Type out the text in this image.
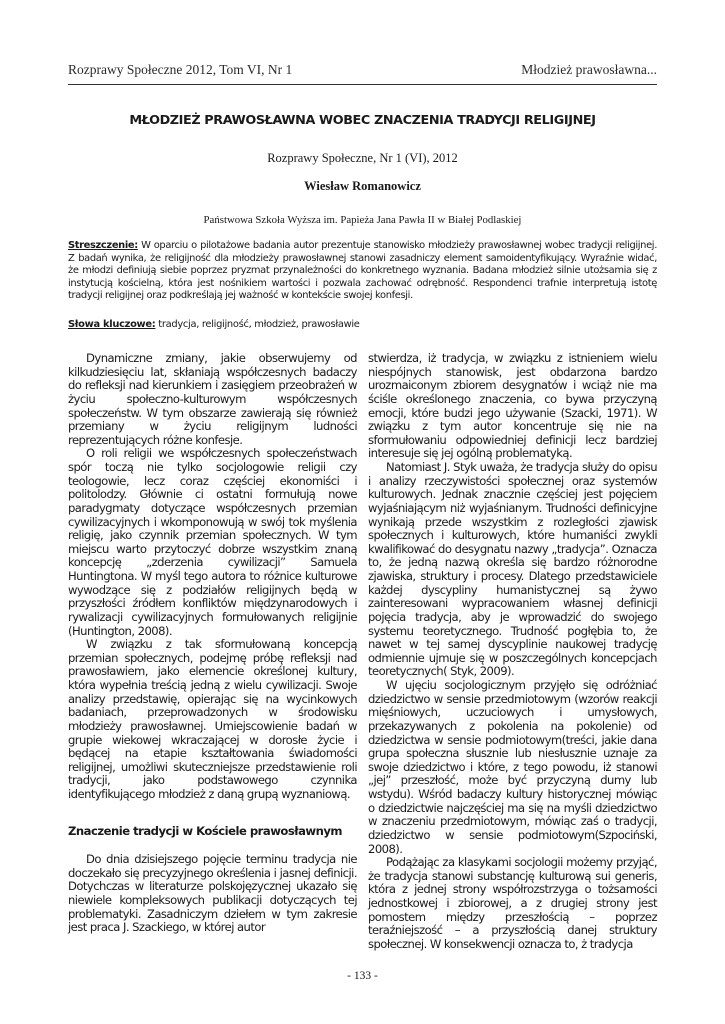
Rozprawy Społeczne 2012, Tom VI, Nr 1	Młodzież prawosławna...
MŁODZIEŻ PRAWOSŁAWNA WOBEC ZNACZENIA TRADYCJI RELIGIJNEJ
Rozprawy Społeczne, Nr 1 (VI), 2012
Wiesław Romanowicz
Państwowa Szkoła Wyższa im. Papieża Jana Pawła II w Białej Podlaskiej
Streszczenie: W oparciu o pilotażowe badania autor prezentuje stanowisko młodzieży prawosławnej wobec tradycji religijnej. Z badań wynika, że religijność dla młodzieży prawosławnej stanowi zasadniczy element samoidentyfikujący. Wyraźnie widać, że młodzi definiują siebie poprzez pryzmat przynależności do konkretnego wyznania. Badana młodzież silnie utożsamia się z instytucją kościelną, która jest nośnikiem wartości i pozwala zachować odrębność. Respondenci trafnie interpretują istotę tradycji religijnej oraz podkreślają jej ważność w kontekście swojej konfesji.
Słowa kluczowe: tradycja, religijność, młodzież, prawosławie

Dynamiczne zmiany, jakie obserwujemy od kilkudziesięciu lat, skłaniają współczesnych badaczy do refleksji nad kierunkiem i zasięgiem przeobrażeń w życiu społeczno-kulturowym współczesnych społeczeństw. W tym obszarze zawierają się również przemiany w życiu religijnym ludności reprezentujących różne konfesje.

O roli religii we współczesnych społeczeństwach spór toczą nie tylko socjologowie religii czy teologowie, lecz coraz częściej ekonomiści i politolodzy. Głównie ci ostatni formułują nowe paradygmaty dotyczące współczesnych przemian cywilizacyjnych i wkomponowują w swój tok myślenia religię, jako czynnik przemian społecznych. W tym miejscu warto przytoczyć dobrze wszystkim znaną koncepcję „zderzenia cywilizacji” Samuela Huntingtona. W myśl tego autora to różnice kulturowe wywodzące się z podziałów religijnych będą w przyszłości źródłem konfliktów międzynarodowych i rywalizacji cywilizacyjnych formułowanych religijnie (Huntington, 2008).

W związku z tak sformułowaną koncepcją przemian społecznych, podejmę próbę refleksji nad prawosławiem, jako elemencie określonej kultury, która wypełnia treścią jedną z wielu cywilizacji. Swoje analizy przedstawię, opierając się na wycinkowych badaniach, przeprowadzonych w środowisku młodzieży prawosławnej. Umiejscowienie badań w grupie wiekowej wkraczającej w dorosłe życie i będącej na etapie kształtowania świadomości religijnej, umożliwi skuteczniejsze przedstawienie roli tradycji, jako podstawowego czynnika identyfikującego młodzież z daną grupą wyznaniową.

Znaczenie tradycji w Kościele prawosławnym

Do dnia dzisiejszego pojęcie terminu tradycja nie doczekało się precyzyjnego określenia i jasnej definicji. Dotychczas w literaturze polskojęzycznej ukazało się niewiele kompleksowych publikacji dotyczących tej problematyki. Zasadniczym dziełem w tym zakresie jest praca J. Szackiego, w której autor

stwierdza, iż tradycja, w związku z istnieniem wielu niespójnych stanowisk, jest obdarzona bardzo urozmaiconym zbiorem desygnatów i wciąż nie ma ściśle określonego znaczenia, co bywa przyczyną emocji, które budzi jego używanie (Szacki, 1971). W związku z tym autor koncentruje się nie na sformułowaniu odpowiedniej definicji lecz bardziej interesuje się jej ogólną problematyką.

Natomiast J. Styk uważa, że tradycja służy do opisu i analizy rzeczywistości społecznej oraz systemów kulturowych. Jednak znacznie częściej jest pojęciem wyjaśniającym niż wyjaśnianym. Trudności definicyjne wynikają przede wszystkim z rozległości zjawisk społecznych i kulturowych, które humaniści zwykli kwalifikować do desygnatu nazwy „tradycja”. Oznacza to, że jedną nazwą określa się bardzo różnorodne zjawiska, struktury i procesy. Dlatego przedstawiciele każdej dyscypliny humanistycznej są żywo zainteresowani wypracowaniem własnej definicji pojęcia tradycja, aby je wprowadzić do swojego systemu teoretycznego. Trudność pogłębia to, że nawet w tej samej dyscyplinie naukowej tradycję odmiennie ujmuje się w poszczególnych koncepcjach teoretycznych( Styk, 2009).

W ujęciu socjologicznym przyjęło się odróżniać dziedzictwo w sensie przedmiotowym (wzorów reakcji mięśniowych, uczuciowych i umysłowych, przekazywanych z pokolenia na pokolenie) od dziedzictwa w sensie podmiotowym(treści, jakie dana grupa społeczna słusznie lub niesłusznie uznaje za swoje dziedzictwo i które, z tego powodu, iż stanowi „jej” przeszłość, może być przyczyną dumy lub wstydu). Wśród badaczy kultury historycznej mówiąc o dziedzictwie najczęściej ma się na myśli dziedzictwo w znaczeniu przedmiotowym, mówiąc zaś o tradycji, dziedzictwo w sensie podmiotowym(Szpociński, 2008).

Podążając za klasykami socjologii możemy przyjąć, że tradycja stanowi substancję kulturową sui generis, która z jednej strony współrozstrzyga o tożsamości jednostkowej i zbiorowej, a z drugiej strony jest pomostem między przeszłością – poprzez teraźniejszość – a przyszłością danej struktury społecznej. W konsekwencji oznacza to, ż tradycja

- 133 -
